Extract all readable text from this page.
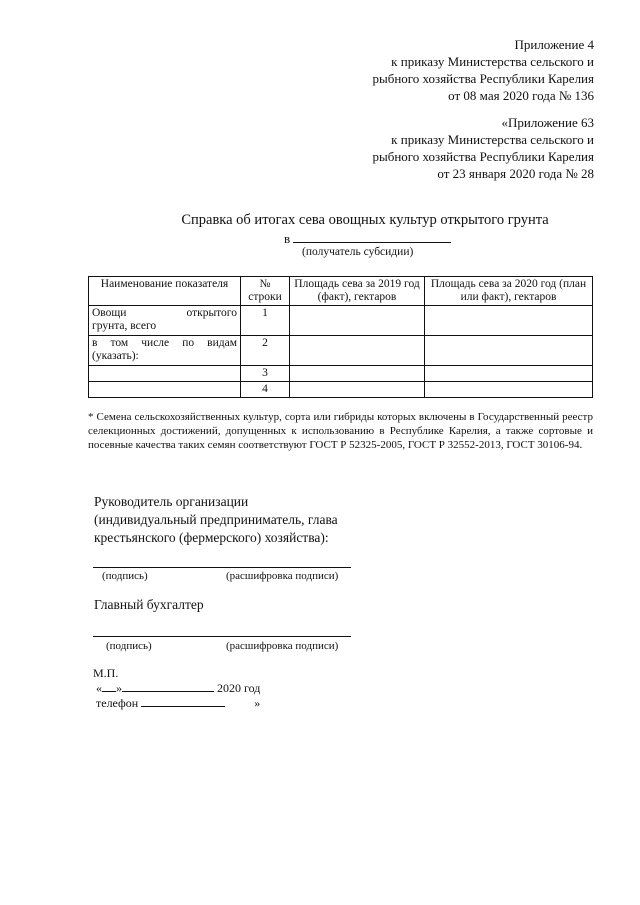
Приложение 4
к приказу Министерства сельского и
рыбного хозяйства Республики Карелия
от 08 мая 2020 года № 136
«Приложение 63
к приказу Министерства сельского и
рыбного хозяйства Республики Карелия
от 23 января 2020 года № 28
Справка об итогах сева овощных культур открытого грунта
в
(получатель субсидии)
Наименование показателя	№ строки	Площадь сева за 2019 год (факт), гектаров	Площадь сева за 2020 год (план или факт), гектаров

Овощи открытого
грунта, всего	1		

в том числе по видам
(указать):	2		
	3		
	4		
* Семена сельскохозяйственных культур, сорта или гибриды которых включены в Государственный реестр селекционных достижений, допущенных к использованию в Республике Карелия, а также сортовые и посевные качества таких семян соответствуют ГОСТ Р 52325-2005, ГОСТ Р 32552-2013, ГОСТ 30106-94.
Руководитель организации
(индивидуальный предприниматель, глава
крестьянского (фермерского) хозяйства):
(подпись)	(расшифровка подписи)
Главный бухгалтер
(подпись)	(расшифровка подписи)
М.П.
« »	2020 год
телефон	»
